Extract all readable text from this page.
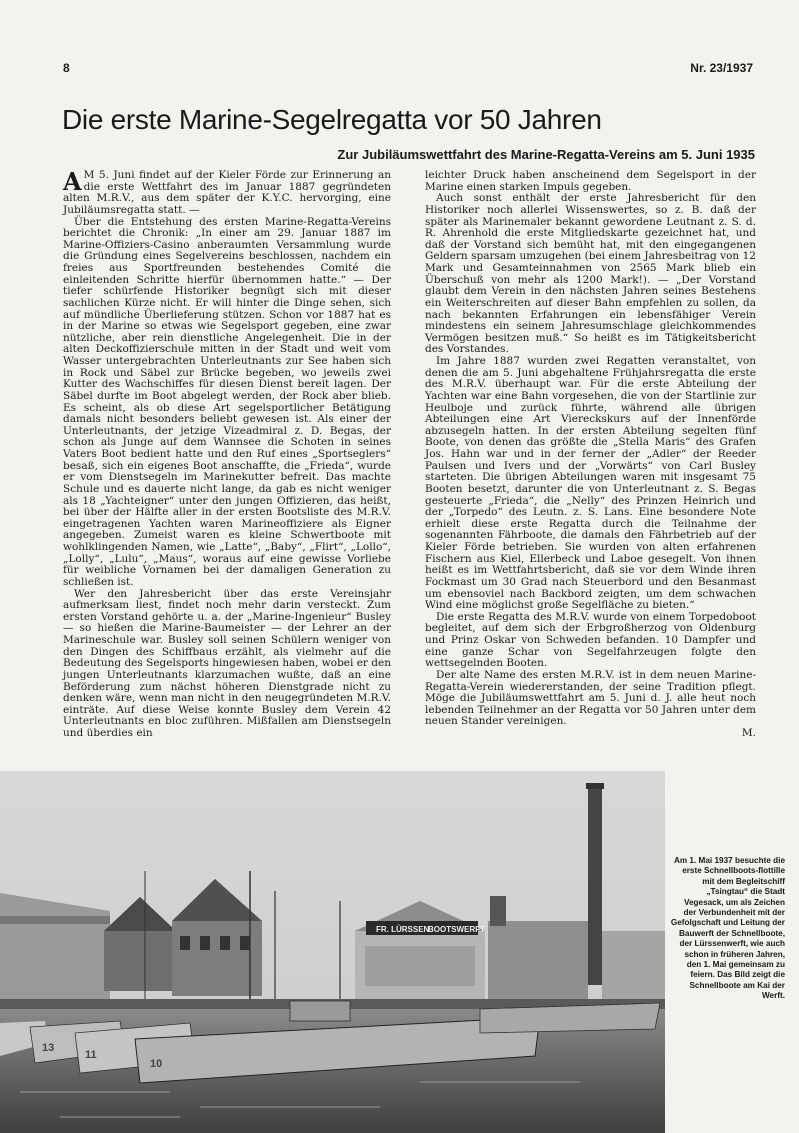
8	Nr. 23/1937
Die erste Marine-Segelregatta vor 50 Jahren
Zur Jubiläumswettfahrt des Marine-Regatta-Vereins am 5. Juni 1935

A M 5. Juni findet auf der Kieler Förde zur Erinnerung an die erste Wettfahrt des im Januar 1887 gegründeten alten M.R.V., aus dem später der K.Y.C. hervorging, eine Jubiläumsregatta statt. —

Über die Entstehung des ersten Marine-Regatta-Vereins berichtet die Chronik: „In einer am 29. Januar 1887 im Marine-Offiziers-Casino anberaumten Versammlung wurde die Gründung eines Segelvereins beschlossen, nachdem ein freies aus Sportfreunden bestehendes Comité die einleitenden Schritte hierfür übernommen hatte.“ — Der tiefer schürfende Historiker begnügt sich mit dieser sachlichen Kürze nicht. Er will hinter die Dinge sehen, sich auf mündliche Überlieferung stützen. Schon vor 1887 hat es in der Marine so etwas wie Segelsport gegeben, eine zwar nützliche, aber rein dienstliche Angelegenheit. Die in der alten Deckoffizierschule mitten in der Stadt und weit vom Wasser untergebrachten Unterleutnants zur See haben sich in Rock und Säbel zur Brücke begeben, wo jeweils zwei Kutter des Wachschiffes für diesen Dienst bereit lagen. Der Säbel durfte im Boot abgelegt werden, der Rock aber blieb. Es scheint, als ob diese Art segelsportlicher Betätigung damals nicht besonders beliebt gewesen ist. Als einer der Unterleutnants, der jetzige Vizeadmiral z. D. Begas, der schon als Junge auf dem Wannsee die Schoten in seines Vaters Boot bedient hatte und den Ruf eines „Sportseglers“ besaß, sich ein eigenes Boot anschaffte, die „Frieda“, wurde er vom Dienstsegeln im Marinekutter befreit. Das machte Schule und es dauerte nicht lange, da gab es nicht weniger als 18 „Yachteigner“ unter den jungen Offizieren, das heißt, bei über der Hälfte aller in der ersten Bootsliste des M.R.V. eingetragenen Yachten waren Marineoffiziere als Eigner angegeben. Zumeist waren es kleine Schwertboote mit wohlklingenden Namen, wie „Latte“, „Baby“, „Flirt“, „Lollo“, „Lolly“, „Lulu“, „Maus“, woraus auf eine gewisse Vorliebe für weibliche Vornamen bei der damaligen Generation zu schließen ist.

Wer den Jahresbericht über das erste Vereinsjahr aufmerksam liest, findet noch mehr darin versteckt. Zum ersten Vorstand gehörte u. a. der „Marine-Ingenieur“ Busley — so hießen die Marine-Baumeister — der Lehrer an der Marineschule war. Busley soll seinen Schülern weniger von den Dingen des Schiffbaus erzählt, als vielmehr auf die Bedeutung des Segelsports hingewiesen haben, wobei er den jungen Unterleutnants klarzumachen wußte, daß an eine Beförderung zum nächst höheren Dienstgrade nicht zu denken wäre, wenn man nicht in den neugegründeten M.R.V. einträte. Auf diese Weise konnte Busley dem Verein 42 Unterleutnants en bloc zuführen. Mißfallen am Dienstsegeln und überdies ein

leichter Druck haben anscheinend dem Segelsport in der Marine einen starken Impuls gegeben.

Auch sonst enthält der erste Jahresbericht für den Historiker noch allerlei Wissenswertes, so z. B. daß der später als Marinemaler bekannt gewordene Leutnant z. S. d. R. Ahrenhold die erste Mitgliedskarte gezeichnet hat, und daß der Vorstand sich bemüht hat, mit den eingegangenen Geldern sparsam umzugehen (bei einem Jahresbeitrag von 12 Mark und Gesamteinnahmen von 2565 Mark blieb ein Überschuß von mehr als 1200 Mark!). — „Der Vorstand glaubt dem Verein in den nächsten Jahren seines Bestehens ein Weiterschreiten auf dieser Bahn empfehlen zu sollen, da nach bekannten Erfahrungen ein lebensfähiger Verein mindestens ein seinem Jahresumschlage gleichkommendes Vermögen besitzen muß.“ So heißt es im Tätigkeitsbericht des Vorstandes.

Im Jahre 1887 wurden zwei Regatten veranstaltet, von denen die am 5. Juni abgehaltene Frühjahrsregatta die erste des M.R.V. überhaupt war. Für die erste Abteilung der Yachten war eine Bahn vorgesehen, die von der Startlinie zur Heulboje und zurück führte, während alle übrigen Abteilungen eine Art Viereckskurs auf der Innenförde abzusegeln hatten. In der ersten Abteilung segelten fünf Boote, von denen das größte die „Stella Maris“ des Grafen Jos. Hahn war und in der ferner der „Adler“ der Reeder Paulsen und Ivers und der „Vorwärts“ von Carl Busley starteten. Die übrigen Abteilungen waren mit insgesamt 75 Booten besetzt, darunter die von Unterleutnant z. S. Begas gesteuerte „Frieda“, die „Nelly“ des Prinzen Heinrich und der „Torpedo“ des Leutn. z. S. Lans. Eine besondere Note erhielt diese erste Regatta durch die Teilnahme der sogenannten Fährboote, die damals den Fährbetrieb auf der Kieler Förde betrieben. Sie wurden von alten erfahrenen Fischern aus Kiel, Ellerbeck und Laboe gesegelt. Von ihnen heißt es im Wettfahrtsbericht, daß sie vor dem Winde ihren Fockmast um 30 Grad nach Steuerbord und den Besanmast um ebensoviel nach Backbord zeigten, um dem schwachen Wind eine möglichst große Segelfläche zu bieten.“

Die erste Regatta des M.R.V. wurde von einem Torpedoboot begleitet, auf dem sich der Erbgroßherzog von Oldenburg und Prinz Oskar von Schweden befanden. 10 Dampfer und eine ganze Schar von Segelfahrzeugen folgte den wettsegelnden Booten.

Der alte Name des ersten M.R.V. ist in dem neuen Marine-Regatta-Verein wiedererstanden, der seine Tradition pflegt. Möge die Jubiläumswettfahrt am 5. Juni d. J. alle heut noch lebenden Teilnehmer an der Regatta vor 50 Jahren unter dem neuen Stander vereinigen.

M.
FR. LÜRSSEN
BOOTSWERFT
13
11
10
Am 1. Mai 1937 besuchte die erste Schnellboots-flottille mit dem Begleitschiff „Tsingtau“ die Stadt Vegesack, um als Zeichen der Verbundenheit mit der Gefolgschaft und Leitung der Bauwerft der Schnellboote, der Lürssenwerft, wie auch schon in früheren Jahren, den 1. Mai gemeinsam zu feiern. Das Bild zeigt die Schnellboote am Kai der Werft.
